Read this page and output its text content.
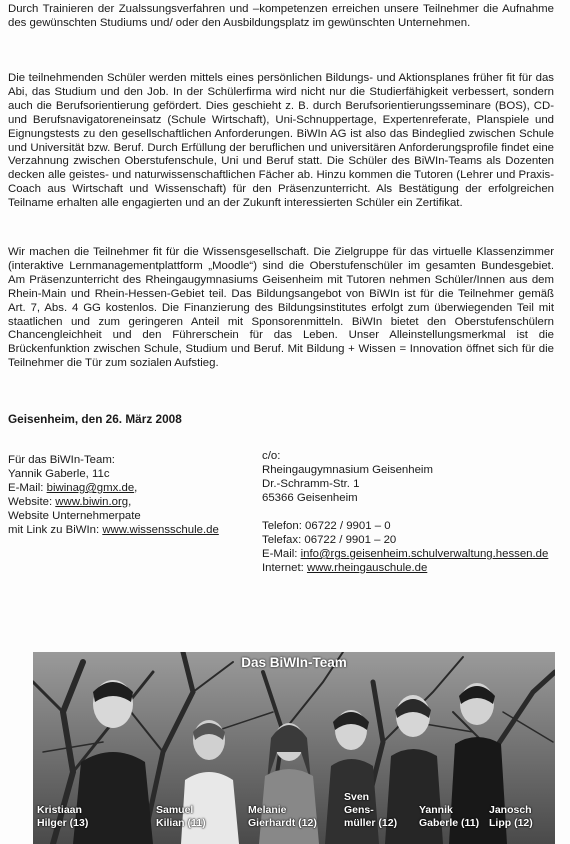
Durch Trainieren der Zualssungsverfahren und –kompetenzen erreichen unsere Teilnehmer die Aufnahme des gewünschten Studiums und/ oder den Ausbildungsplatz im gewünschten Unternehmen.

Die teilnehmenden Schüler werden mittels eines persönlichen Bildungs- und Aktionsplanes früher fit für das Abi, das Studium und den Job. In der Schülerfirma wird nicht nur die Studierfähigkeit verbessert, sondern auch die Berufsorientierung gefördert. Dies geschieht z. B. durch Berufsorientierungsseminare (BOS), CD-und Berufsnavigatoreneinsatz (Schule Wirtschaft), Uni-Schnuppertage, Expertenreferate, Planspiele und Eignungstests zu den gesellschaftlichen Anforderungen. BiWIn AG ist also das Bindeglied zwischen Schule und Universität bzw. Beruf. Durch Erfüllung der beruflichen und universitären Anforderungsprofile findet eine Verzahnung zwischen Oberstufenschule, Uni und Beruf statt. Die Schüler des BiWIn-Teams als Dozenten decken alle geistes- und naturwissenschaftlichen Fächer ab. Hinzu kommen die Tutoren (Lehrer und Praxis-Coach aus Wirtschaft und Wissenschaft) für den Präsenzunterricht. Als Bestätigung der erfolgreichen Teilname erhalten alle engagierten und an der Zukunft interessierten Schüler ein Zertifikat.

Wir machen die Teilnehmer fit für die Wissensgesellschaft. Die Zielgruppe für das virtuelle Klassenzimmer (interaktive Lernmanagementplattform „Moodle“) sind die Oberstufenschüler im gesamten Bundesgebiet. Am Präsenzunterricht des Rheingaugymnasiums Geisenheim mit Tutoren nehmen Schüler/Innen aus dem Rhein-Main und Rhein-Hessen-Gebiet teil. Das Bildungsangebot von BiWIn ist für die Teilnehmer gemäß Art. 7, Abs. 4 GG kostenlos. Die Finanzierung des Bildungsinstitutes erfolgt zum überwiegenden Teil mit staatlichen und zum geringeren Anteil mit Sponsorenmitteln. BiWIn bietet den Oberstufenschülern Chancengleichheit und den Führerschein für das Leben. Unser Alleinstellungsmerkmal ist die Brückenfunktion zwischen Schule, Studium und Beruf. Mit Bildung + Wissen = Innovation öffnet sich für die Teilnehmer die Tür zum sozialen Aufstieg.

Geisenheim, den 26. März 2008
Für das BiWIn-Team:
Yannik Gaberle, 11c
E-Mail: biwinag@gmx.de,
Website: www.biwin.org,
Website Unternehmerpate
mit Link zu BiWIn: www.wissensschule.de
c/o:
Rheingaugymnasium Geisenheim
Dr.-Schramm-Str. 1
65366 Geisenheim
Telefon: 06722 / 9901 – 0
Telefax: 06722 / 9901 – 20
E-Mail: info@rgs.geisenheim.schulverwaltung.hessen.de
Internet: www.rheingauschule.de
Das BiWIn-Team
Kristiaan
Hilger (13)
Samuel
Kilian (11)
Melanie
Gierhardt (12)
Sven
Gens-
müller (12)
Yannik
Gaberle (11)
Janosch
Lipp (12)
